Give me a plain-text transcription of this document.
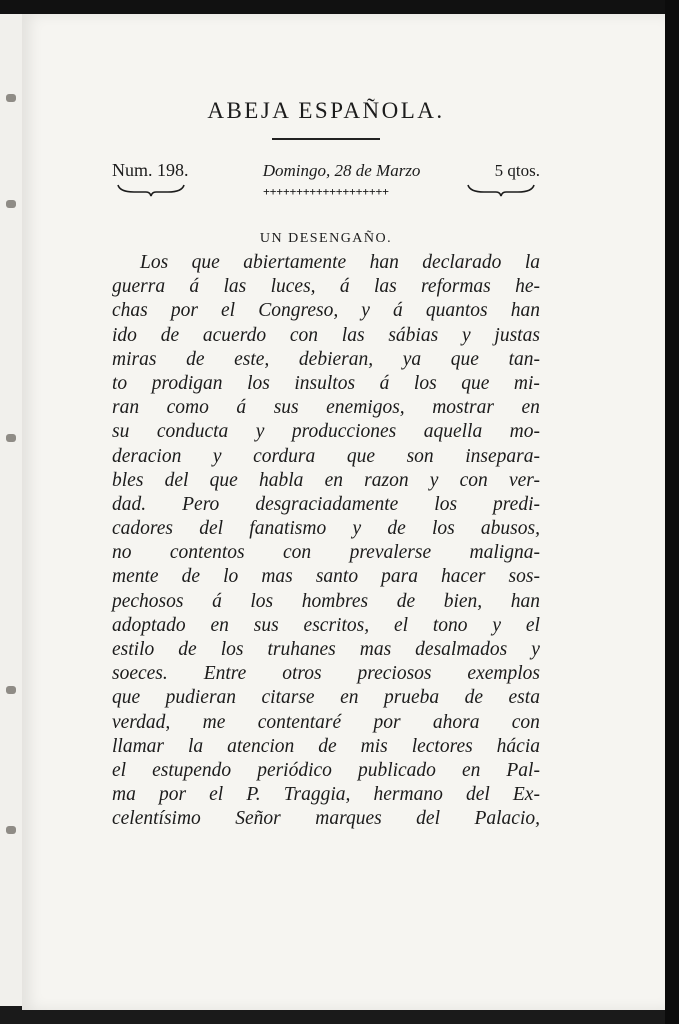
ABEJA ESPAÑOLA.
Num. 198.	Domingo, 28 de Marzo	5 qtos.
+++++++++++++++++++
UN DESENGAÑO.
Los que abiertamente han declarado la
guerra á las luces, á las reformas he-
chas por el Congreso, y á quantos han
ido de acuerdo con las sábias y justas
miras de este, debieran, ya que tan-
to prodigan los insultos á los que mi-
ran como á sus enemigos, mostrar en
su conducta y producciones aquella mo-
deracion y cordura que son insepara-
bles del que habla en razon y con ver-
dad. Pero desgraciadamente los predi-
cadores del fanatismo y de los abusos,
no contentos con prevalerse maligna-
mente de lo mas santo para hacer sos-
pechosos á los hombres de bien, han
adoptado en sus escritos, el tono y el
estilo de los truhanes mas desalmados y
soeces. Entre otros preciosos exemplos
que pudieran citarse en prueba de esta
verdad, me contentaré por ahora con
llamar la atencion de mis lectores hácia
el estupendo periódico publicado en Pal-
ma por el P. Traggia, hermano del Ex-
celentísimo Señor marques del Palacio,
